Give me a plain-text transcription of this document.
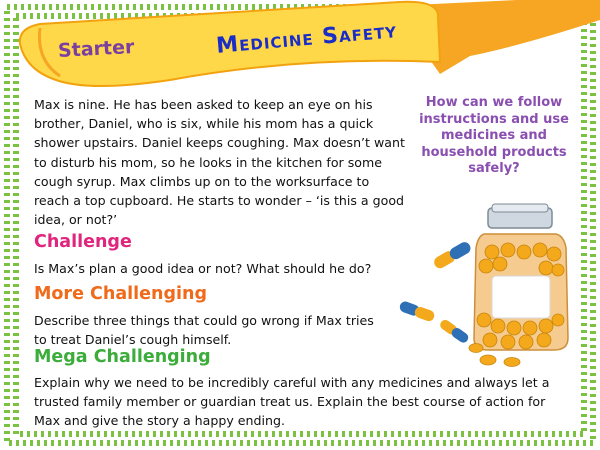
Starter	Medicine Safety

Max is nine. He has been asked to keep an eye on his brother, Daniel, who is six, while his mom has a quick shower upstairs. Daniel keeps coughing. Max doesn’t want to disturb his mom, so he looks in the kitchen for some cough syrup. Max climbs up on to the worksurface to reach a top cupboard. He starts to wonder – ‘is this a good idea, or not?’

How can we follow instructions and use medicines and household products safely?

Challenge

Is Max’s plan a good idea or not? What should he do?

More Challenging

Describe three things that could go wrong if Max tries to treat Daniel’s cough himself.

Mega Challenging

Explain why we need to be incredibly careful with any medicines and always let a trusted family member or guardian treat us. Explain the best course of action for Max and give the story a happy ending.
